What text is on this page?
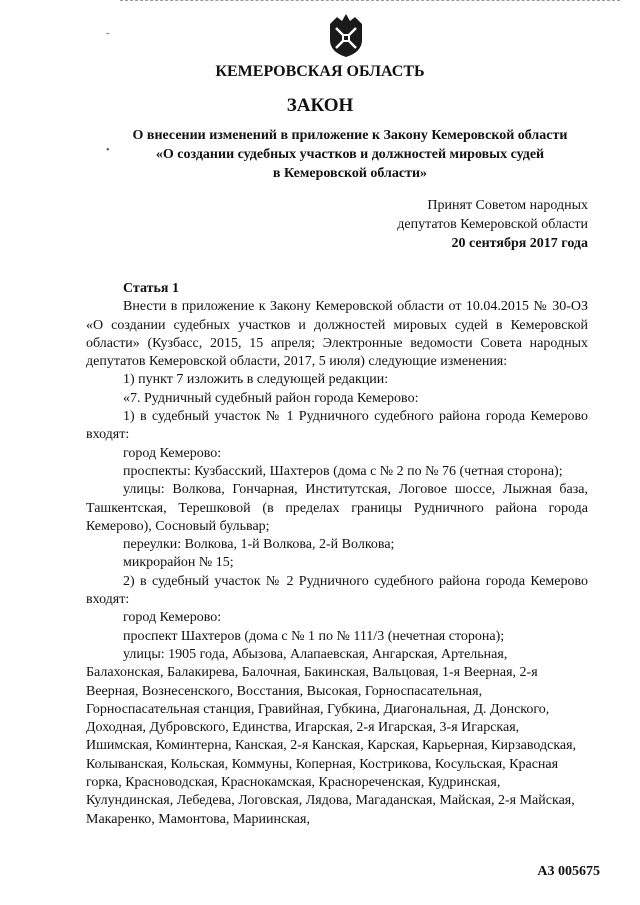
-
•
КЕМЕРОВСКАЯ ОБЛАСТЬ
ЗАКОН
О внесении изменений в приложение к Закону Кемеровской области
«О создании судебных участков и должностей мировых судей
в Кемеровской области»
Принят Советом народных
депутатов Кемеровской области
20 сентября 2017 года
Статья 1

Внести в приложение к Закону Кемеровской области от 10.04.2015 № 30-ОЗ «О создании судебных участков и должностей мировых судей в Кемеровской области» (Кузбасс, 2015, 15 апреля; Электронные ведомости Совета народных депутатов Кемеровской области, 2017, 5 июля) следующие изменения:

1) пункт 7 изложить в следующей редакции:

«7. Рудничный судебный район города Кемерово:

1) в судебный участок № 1 Рудничного судебного района города Кемерово входят:

город Кемерово:

проспекты: Кузбасский, Шахтеров (дома с № 2 по № 76 (четная сторона);

улицы: Волкова, Гончарная, Институтская, Логовое шоссе, Лыжная база, Ташкентская, Терешковой (в пределах границы Рудничного района города Кемерово), Сосновый бульвар;

переулки: Волкова, 1-й Волкова, 2-й Волкова;

микрорайон № 15;

2) в судебный участок № 2 Рудничного судебного района города Кемерово входят:

город Кемерово:

проспект Шахтеров (дома с № 1 по № 111/3 (нечетная сторона);

улицы: 1905 года, Абызова, Алапаевская, Ангарская, Артельная, Балахонская, Балакирева, Балочная, Бакинская, Вальцовая, 1-я Веерная, 2-я Веерная, Вознесенского, Восстания, Высокая, Горноспасательная, Горноспасательная станция, Гравийная, Губкина, Диагональная, Д. Донского, Доходная, Дубровского, Единства, Игарская, 2-я Игарская, 3-я Игарская, Ишимская, Коминтерна, Канская, 2-я Канская, Карская, Карьерная, Кирзаводская, Колыванская, Кольская, Коммуны, Коперная, Кострикова, Косульская, Красная горка, Красноводская, Краснокамская, Краснореченская, Кудринская, Кулундинская, Лебедева, Логовская, Лядова, Магаданская, Майская, 2-я Майская, Макаренко, Мамонтова, Мариинская,

А3 005675
